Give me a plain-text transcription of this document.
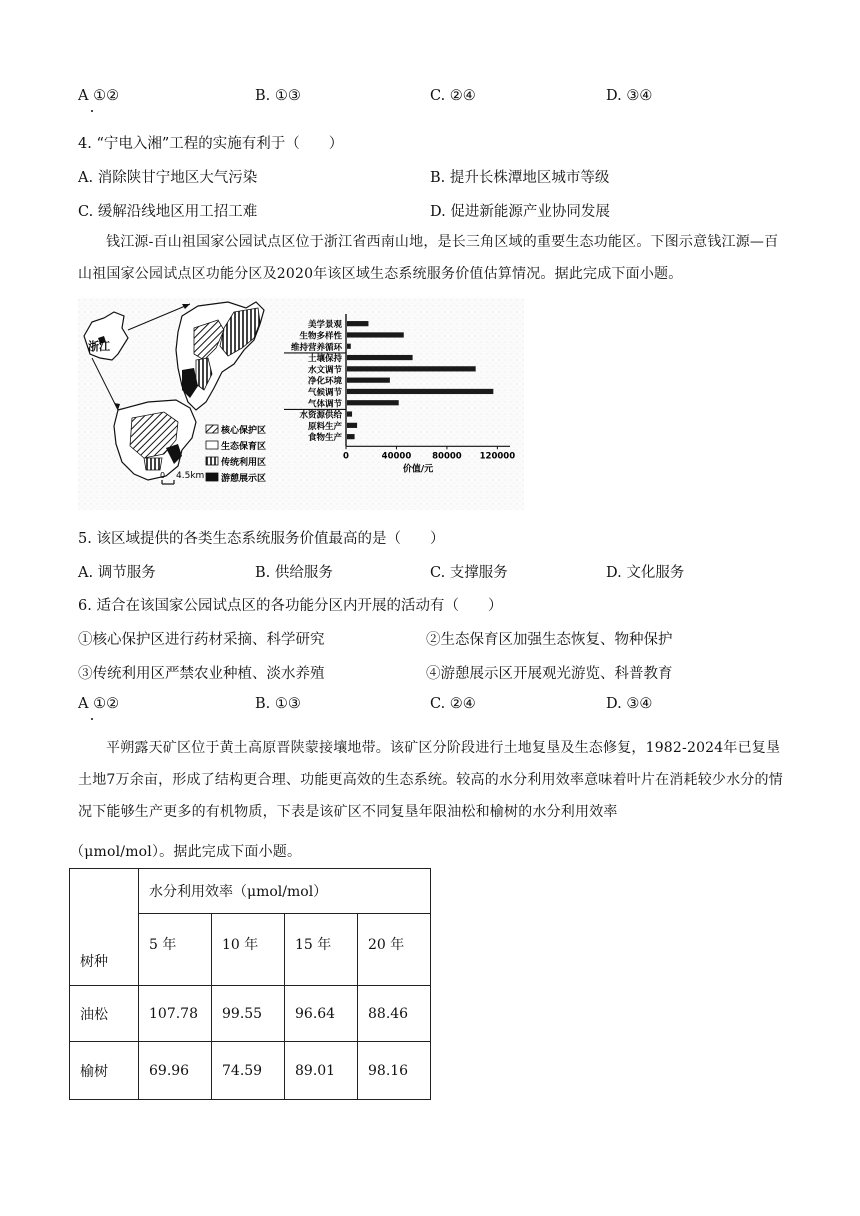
A ①②	B. ①③	C. ②④	D. ③④
4. “宁电入湘”工程的实施有利于（　　）
A. 消除陕甘宁地区大气污染	B. 提升长株潭地区城市等级
C. 缓解沿线地区用工招工难	D. 促进新能源产业协同发展
钱江源-百山祖国家公园试点区位于浙江省西南山地，是长三角区域的重要生态功能区。下图示意钱江源—百山祖国家公园试点区功能分区及2020年该区域生态系统服务价值估算情况。据此完成下面小题。
浙江
核心保护区
生态保育区
传统利用区
游憩展示区
0 4.5km
美学景观
生物多样性
维持营养循环
土壤保持
水文调节
净化环境
气候调节
气体调节
水资源供给
原料生产
食物生产
0	40000 80000 120000
价值/元
5. 该区域提供的各类生态系统服务价值最高的是（　　）
A. 调节服务	B. 供给服务	C. 支撑服务	D. 文化服务
6. 适合在该国家公园试点区的各功能分区内开展的活动有（　　）
①核心保护区进行药材采摘、科学研究	②生态保育区加强生态恢复、物种保护
③传统利用区严禁农业种植、淡水养殖	④游憩展示区开展观光游览、科普教育
A ①②	B. ①③	C. ②④	D. ③④
平朔露天矿区位于黄土高原晋陕蒙接壤地带。该矿区分阶段进行土地复垦及生态修复，1982-2024年已复垦土地7万余亩，形成了结构更合理、功能更高效的生态系统。较高的水分利用效率意味着叶片在消耗较少水分的情况下能够生产更多的有机物质，下表是该矿区不同复垦年限油松和榆树的水分利用效率
（μmol/mol）。据此完成下面小题。
树种	水分利用效率（μmol/mol）			
	5 年	10 年	15 年	20 年
油松	107.78	99.55	96.64	88.46
榆树	69.96	74.59	89.01	98.16
